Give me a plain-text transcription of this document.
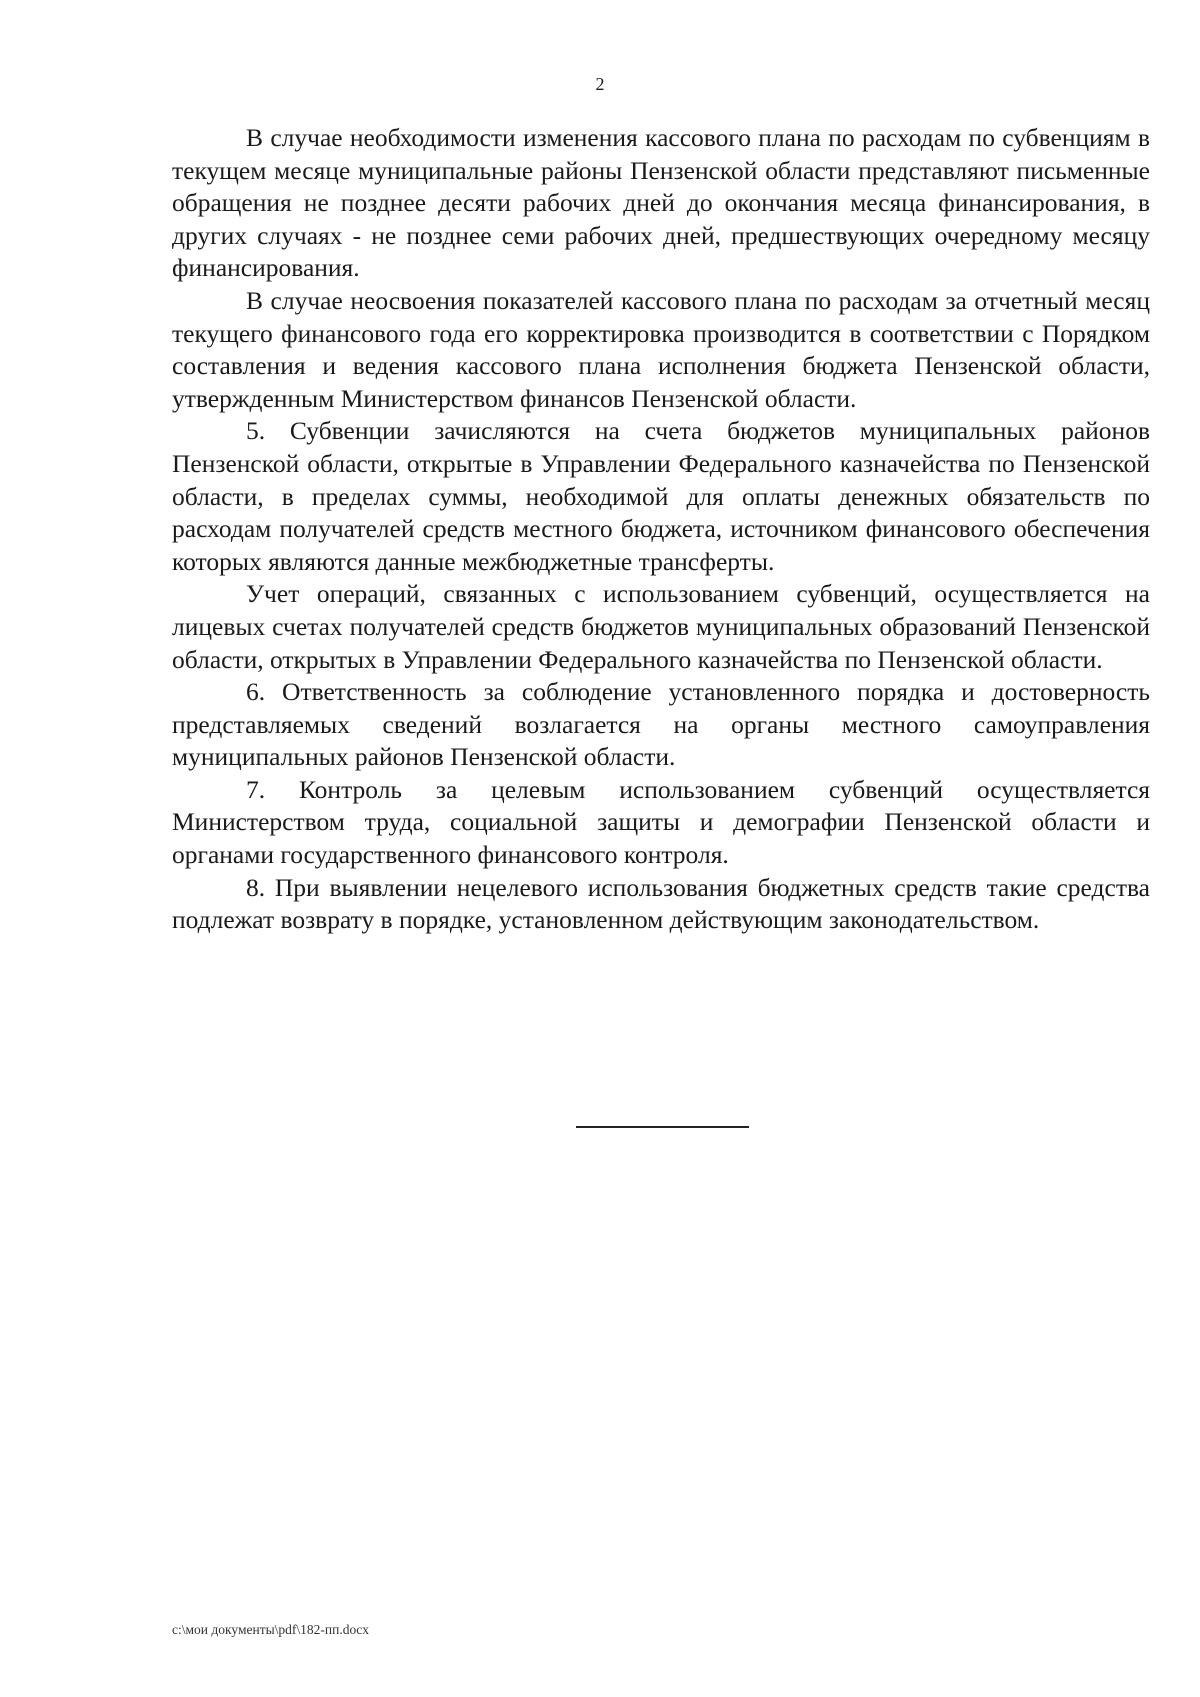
2

В случае необходимости изменения кассового плана по расходам по субвенциям в текущем месяце муниципальные районы Пензенской области представляют письменные обращения не позднее десяти рабочих дней до окончания месяца финансирования, в других случаях - не позднее семи рабочих дней, предшествующих очередному месяцу финансирования.

В случае неосвоения показателей кассового плана по расходам за отчетный месяц текущего финансового года его корректировка производится в соответствии с Порядком составления и ведения кассового плана исполнения бюджета Пензенской области, утвержденным Министерством финансов Пензенской области.

5. Субвенции зачисляются на счета бюджетов муниципальных районов Пензенской области, открытые в Управлении Федерального казначейства по Пензенской области, в пределах суммы, необходимой для оплаты денежных обязательств по расходам получателей средств местного бюджета, источником финансового обеспечения которых являются данные межбюджетные трансферты.

Учет операций, связанных с использованием субвенций, осуществляется на лицевых счетах получателей средств бюджетов муниципальных образований Пензенской области, открытых в Управлении Федерального казначейства по Пензенской области.

6. Ответственность за соблюдение установленного порядка и достоверность представляемых сведений возлагается на органы местного самоуправления муниципальных районов Пензенской области.

7. Контроль за целевым использованием субвенций осуществляется Министерством труда, социальной защиты и демографии Пензенской области и органами государственного финансового контроля.

8. При выявлении нецелевого использования бюджетных средств такие средства подлежат возврату в порядке, установленном действующим законодательством.

c:\мои документы\pdf\182-пп.docx
